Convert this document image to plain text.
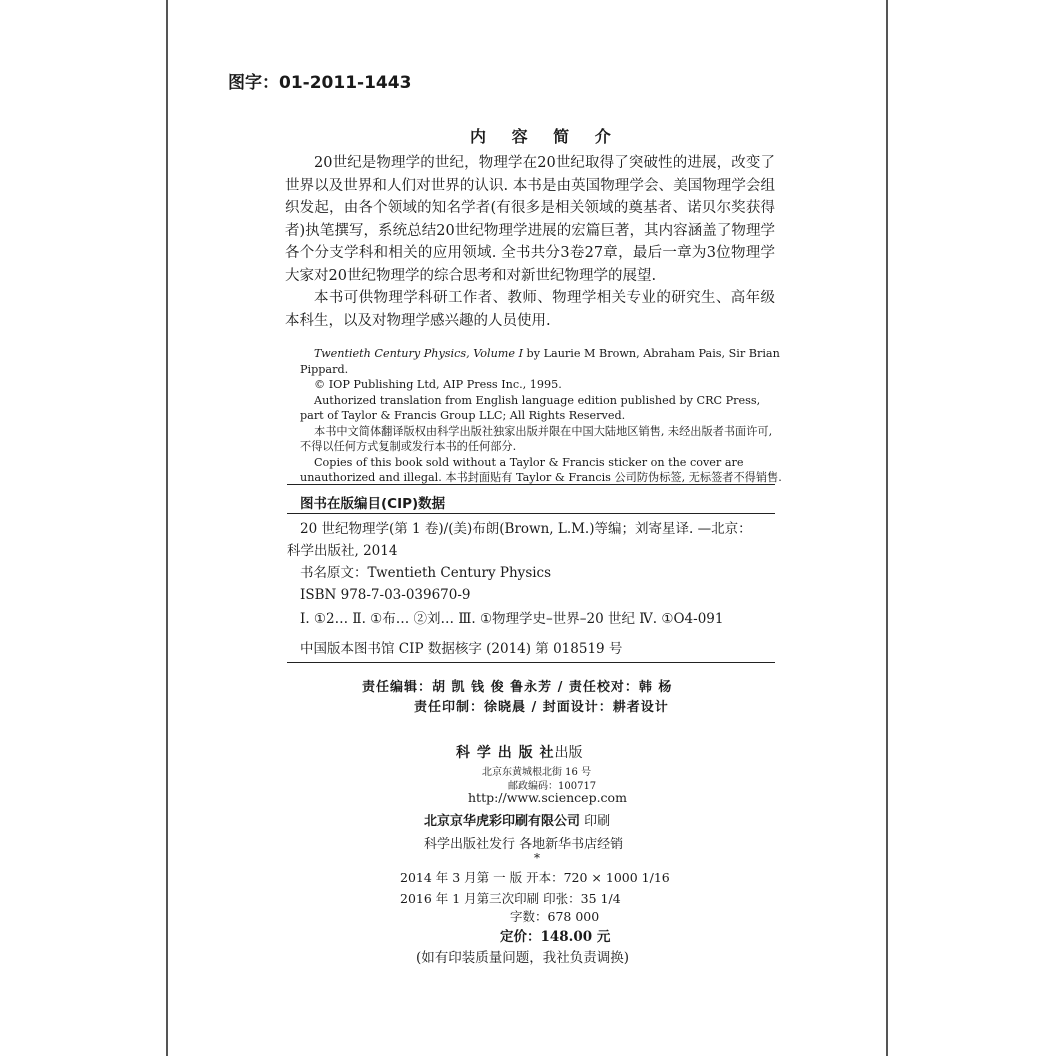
图字：01-2011-1443
内 容 简 介

20世纪是物理学的世纪，物理学在20世纪取得了突破性的进展，改变了世界以及世界和人们对世界的认识. 本书是由英国物理学会、美国物理学会组织发起，由各个领域的知名学者(有很多是相关领域的奠基者、诺贝尔奖获得者)执笔撰写，系统总结20世纪物理学进展的宏篇巨著，其内容涵盖了物理学各个分支学科和相关的应用领域. 全书共分3卷27章，最后一章为3位物理学大家对20世纪物理学的综合思考和对新世纪物理学的展望.

本书可供物理学科研工作者、教师、物理学相关专业的研究生、高年级本科生，以及对物理学感兴趣的人员使用.

Twentieth Century Physics, Volume I by Laurie M Brown, Abraham Pais, Sir Brian Pippard.

© IOP Publishing Ltd, AIP Press Inc., 1995.

Authorized translation from English language edition published by CRC Press, part of Taylor & Francis Group LLC; All Rights Reserved.

本书中文简体翻译版权由科学出版社独家出版并限在中国大陆地区销售, 未经出版者书面许可, 不得以任何方式复制或发行本书的任何部分.

Copies of this book sold without a Taylor & Francis sticker on the cover are unauthorized and illegal. 本书封面贴有 Taylor & Francis 公司防伪标签, 无标签者不得销售.

图书在版编目(CIP)数据
20 世纪物理学(第 1 卷)/(美)布朗(Brown, L.M.)等编；刘寄星译. —北京：
科学出版社, 2014
书名原文：Twentieth Century Physics
ISBN 978-7-03-039670-9
Ⅰ. ①2… Ⅱ. ①布… ②刘… Ⅲ. ①物理学史–世界–20 世纪 Ⅳ. ①O4-091
中国版本图书馆 CIP 数据核字 (2014) 第 018519 号
责任编辑：胡 凯 钱 俊 鲁永芳 / 责任校对：韩 杨
责任印制：徐晓晨 / 封面设计：耕者设计
科 学 出 版 社出版
北京东黄城根北街 16 号
邮政编码：100717
http://www.sciencep.com
北京京华虎彩印刷有限公司 印刷
科学出版社发行 各地新华书店经销
*
2014 年 3 月第 一 版 开本：720 × 1000 1/16
2016 年 1 月第三次印刷 印张：35 1/4
字数：678 000
定价：148.00 元
(如有印装质量问题，我社负责调换)
